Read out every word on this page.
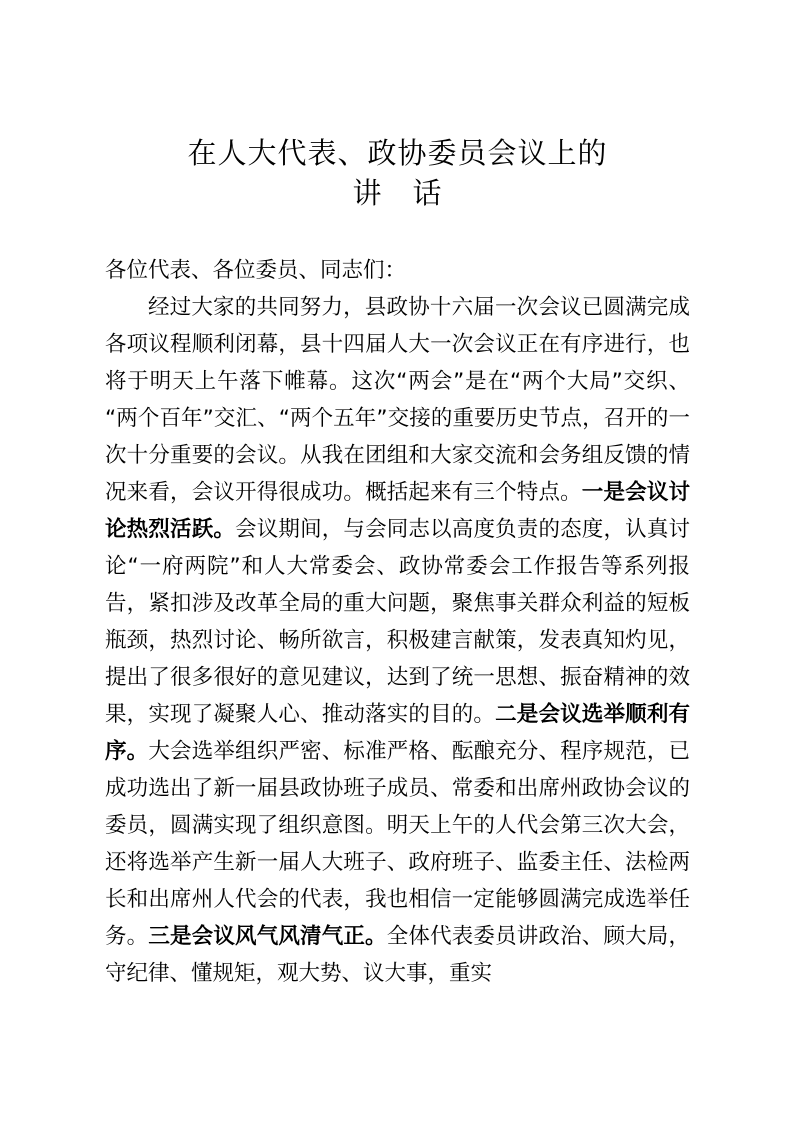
在人大代表、政协委员会议上的
讲　话

各位代表、各位委员、同志们：

经过大家的共同努力，县政协十六届一次会议已圆满完成各项议程顺利闭幕，县十四届人大一次会议正在有序进行，也将于明天上午落下帷幕。这次“两会”是在“两个大局”交织、“两个百年”交汇、“两个五年”交接的重要历史节点，召开的一次十分重要的会议。从我在团组和大家交流和会务组反馈的情况来看，会议开得很成功。概括起来有三个特点。一是会议讨论热烈活跃。会议期间，与会同志以高度负责的态度，认真讨论“一府两院”和人大常委会、政协常委会工作报告等系列报告，紧扣涉及改革全局的重大问题，聚焦事关群众利益的短板瓶颈，热烈讨论、畅所欲言，积极建言献策，发表真知灼见，提出了很多很好的意见建议，达到了统一思想、振奋精神的效果，实现了凝聚人心、推动落实的目的。二是会议选举顺利有序。大会选举组织严密、标准严格、酝酿充分、程序规范，已成功选出了新一届县政协班子成员、常委和出席州政协会议的委员，圆满实现了组织意图。明天上午的人代会第三次大会，还将选举产生新一届人大班子、政府班子、监委主任、法检两长和出席州人代会的代表，我也相信一定能够圆满完成选举任务。三是会议风气风清气正。全体代表委员讲政治、顾大局，守纪律、懂规矩，观大势、议大事，重实
